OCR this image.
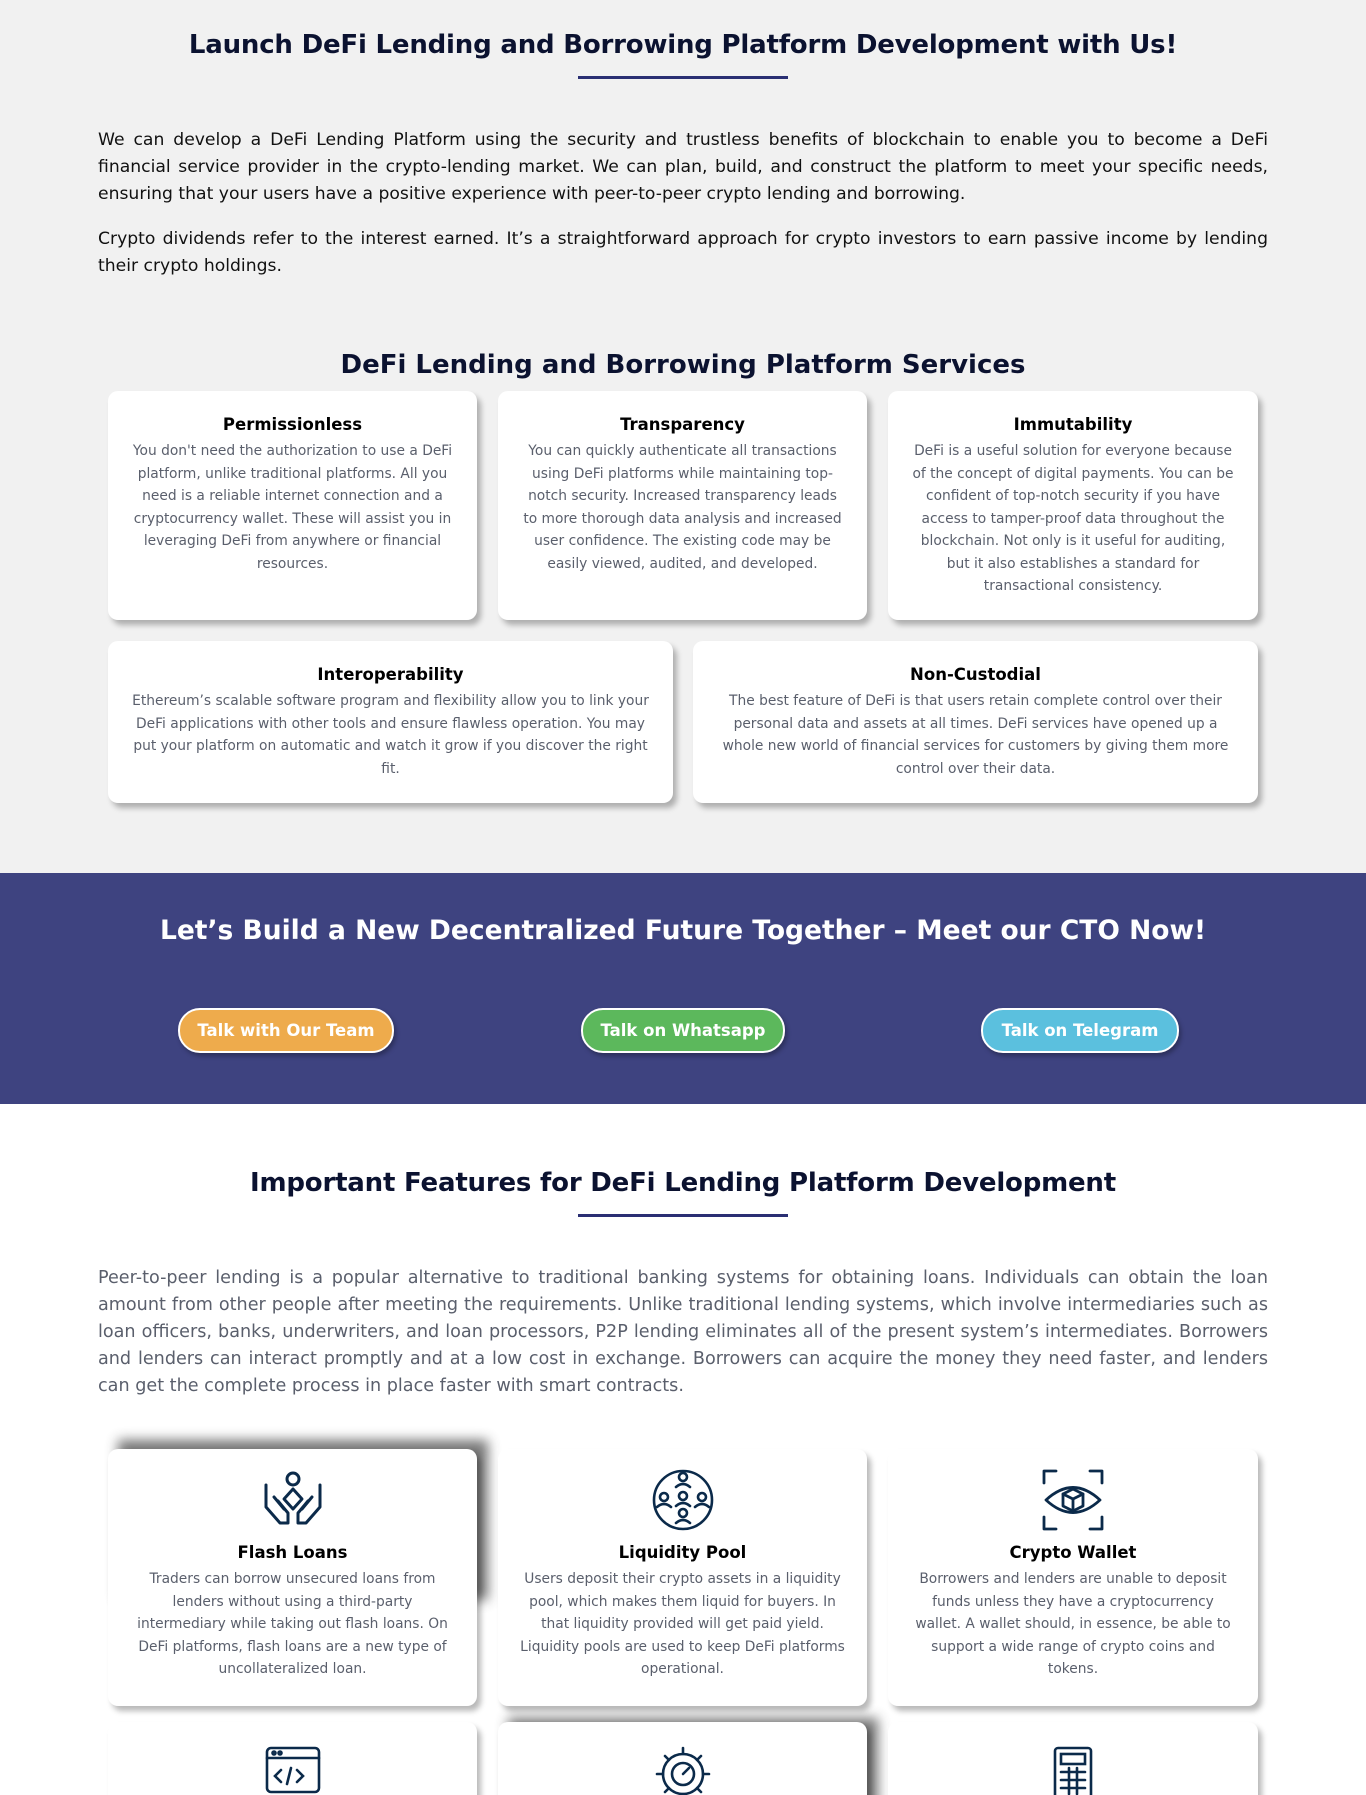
Launch DeFi Lending and Borrowing Platform Development with Us!

We can develop a DeFi Lending Platform using the security and trustless benefits of blockchain to enable you to become a DeFi financial service provider in the crypto-lending market. We can plan, build, and construct the platform to meet your specific needs, ensuring that your users have a positive experience with peer-to-peer crypto lending and borrowing.

Crypto dividends refer to the interest earned. It’s a straightforward approach for crypto investors to earn passive income by lending their crypto holdings.

DeFi Lending and Borrowing Platform Services
Permissionless

You don't need the authorization to use a DeFi platform, unlike traditional platforms. All you need is a reliable internet connection and a cryptocurrency wallet. These will assist you in leveraging DeFi from anywhere or financial resources.

Transparency

You can quickly authenticate all transactions using DeFi platforms while maintaining top-notch security. Increased transparency leads to more thorough data analysis and increased user confidence. The existing code may be easily viewed, audited, and developed.

Immutability

DeFi is a useful solution for everyone because of the concept of digital payments. You can be confident of top-notch security if you have access to tamper-proof data throughout the blockchain. Not only is it useful for auditing, but it also establishes a standard for transactional consistency.

Interoperability

Ethereum’s scalable software program and flexibility allow you to link your DeFi applications with other tools and ensure flawless operation. You may put your platform on automatic and watch it grow if you discover the right fit.

Non-Custodial

The best feature of DeFi is that users retain complete control over their personal data and assets at all times. DeFi services have opened up a whole new world of financial services for customers by giving them more control over their data.

Let’s Build a New Decentralized Future Together – Meet our CTO Now!
Talk with Our Team	Talk on Whatsapp	Talk on Telegram
Important Features for DeFi Lending Platform Development

Peer-to-peer lending is a popular alternative to traditional banking systems for obtaining loans. Individuals can obtain the loan amount from other people after meeting the requirements. Unlike traditional lending systems, which involve intermediaries such as loan officers, banks, underwriters, and loan processors, P2P lending eliminates all of the present system’s intermediates. Borrowers and lenders can interact promptly and at a low cost in exchange. Borrowers can acquire the money they need faster, and lenders can get the complete process in place faster with smart contracts.

Flash Loans

Traders can borrow unsecured loans from lenders without using a third-party intermediary while taking out flash loans. On DeFi platforms, flash loans are a new type of uncollateralized loan.

Liquidity Pool

Users deposit their crypto assets in a liquidity pool, which makes them liquid for buyers. In that liquidity provided will get paid yield. Liquidity pools are used to keep DeFi platforms operational.

Crypto Wallet

Borrowers and lenders are unable to deposit funds unless they have a cryptocurrency wallet. A wallet should, in essence, be able to support a wide range of crypto coins and tokens.
